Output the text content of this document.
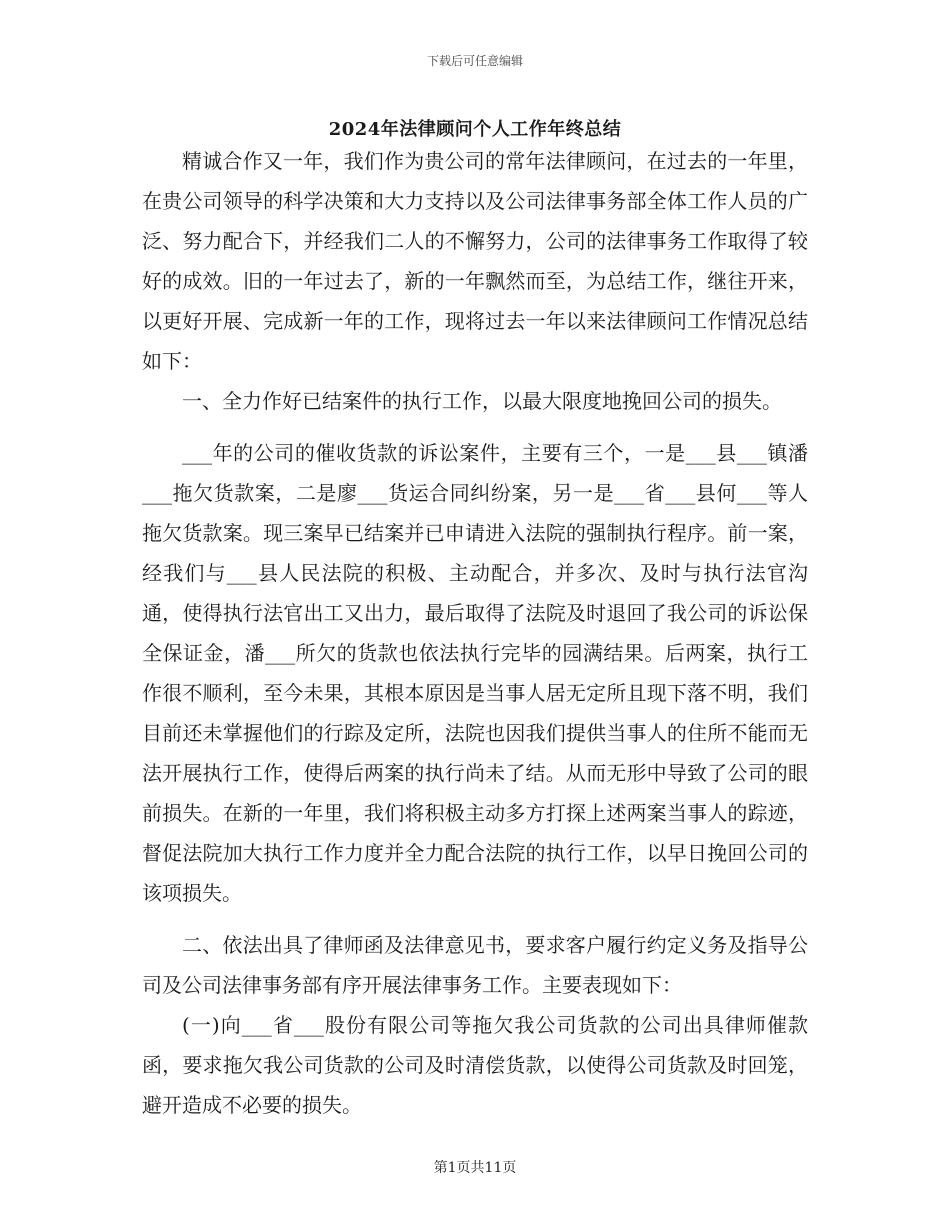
下载后可任意编辑
2024年法律顾问个人工作年终总结

精诚合作又一年，我们作为贵公司的常年法律顾问，在过去的一年里，在贵公司领导的科学决策和大力支持以及公司法律事务部全体工作人员的广泛、努力配合下，并经我们二人的不懈努力，公司的法律事务工作取得了较好的成效。旧的一年过去了，新的一年飘然而至，为总结工作，继往开来，以更好开展、完成新一年的工作，现将过去一年以来法律顾问工作情况总结如下：

一、全力作好已结案件的执行工作，以最大限度地挽回公司的损失。

___年的公司的催收货款的诉讼案件，主要有三个，一是___县___镇潘___拖欠货款案，二是廖___货运合同纠纷案，另一是___省___县何___等人拖欠货款案。现三案早已结案并已申请进入法院的强制执行程序。前一案，经我们与___县人民法院的积极、主动配合，并多次、及时与执行法官沟通，使得执行法官出工又出力，最后取得了法院及时退回了我公司的诉讼保全保证金，潘___所欠的货款也依法执行完毕的园满结果。后两案，执行工作很不顺利，至今未果，其根本原因是当事人居无定所且现下落不明，我们目前还未掌握他们的行踪及定所，法院也因我们提供当事人的住所不能而无法开展执行工作，使得后两案的执行尚未了结。从而无形中导致了公司的眼前损失。在新的一年里，我们将积极主动多方打探上述两案当事人的踪迹，督促法院加大执行工作力度并全力配合法院的执行工作，以早日挽回公司的该项损失。

二、依法出具了律师函及法律意见书，要求客户履行约定义务及指导公司及公司法律事务部有序开展法律事务工作。主要表现如下：

(一)向___省___股份有限公司等拖欠我公司货款的公司出具律师催款函，要求拖欠我公司货款的公司及时清偿货款，以使得公司货款及时回笼，避开造成不必要的损失。

第1页共11页
